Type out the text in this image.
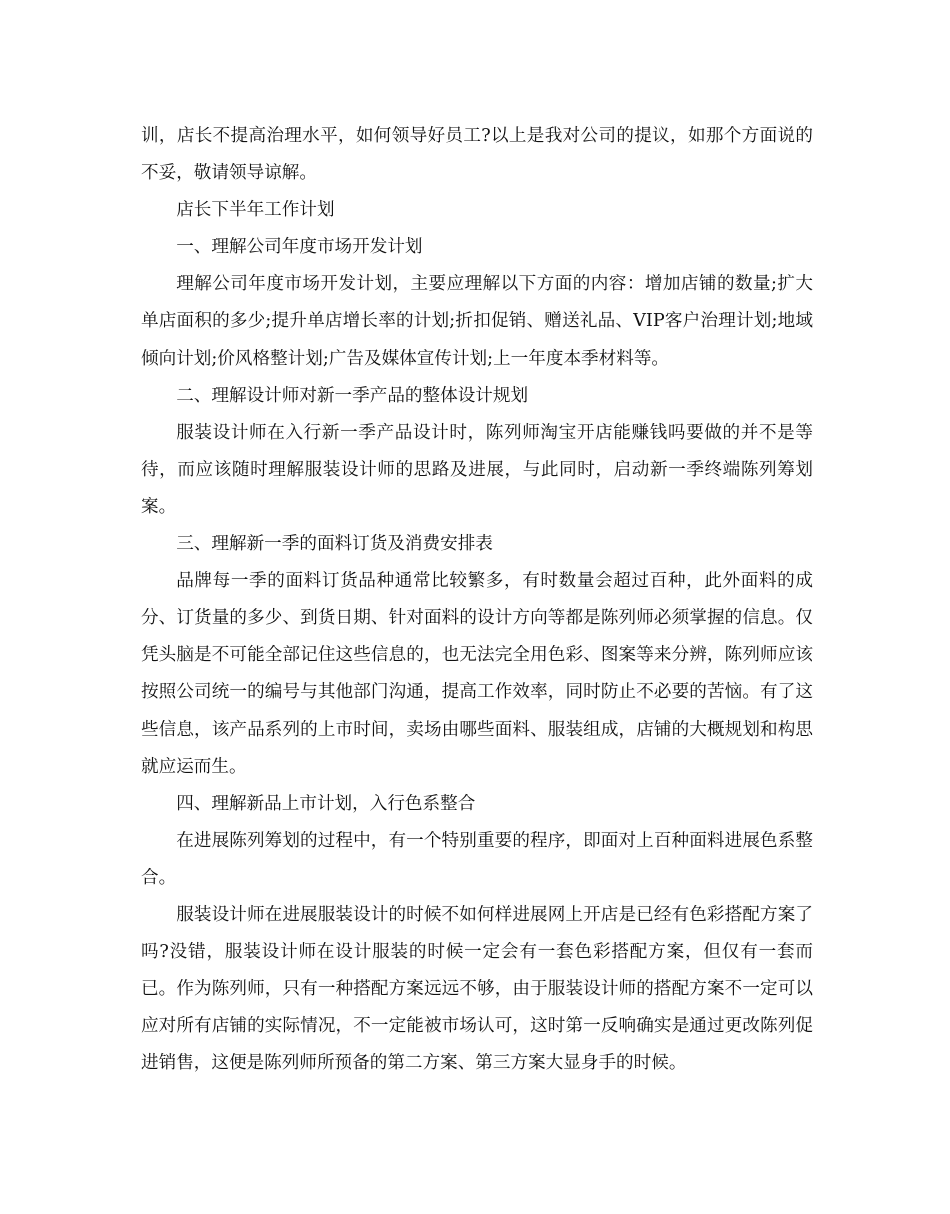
训，店长不提高治理水平，如何领导好员工?以上是我对公司的提议，如那个方面说的不妥，敬请领导谅解。

店长下半年工作计划

一、理解公司年度市场开发计划

理解公司年度市场开发计划，主要应理解以下方面的内容：增加店铺的数量;扩大单店面积的多少;提升单店增长率的计划;折扣促销、赠送礼品、VIP客户治理计划;地域倾向计划;价风格整计划;广告及媒体宣传计划;上一年度本季材料等。

二、理解设计师对新一季产品的整体设计规划

服装设计师在入行新一季产品设计时，陈列师淘宝开店能赚钱吗要做的并不是等待，而应该随时理解服装设计师的思路及进展，与此同时，启动新一季终端陈列筹划案。

三、理解新一季的面料订货及消费安排表

品牌每一季的面料订货品种通常比较繁多，有时数量会超过百种，此外面料的成分、订货量的多少、到货日期、针对面料的设计方向等都是陈列师必须掌握的信息。仅凭头脑是不可能全部记住这些信息的，也无法完全用色彩、图案等来分辨，陈列师应该按照公司统一的编号与其他部门沟通，提高工作效率，同时防止不必要的苦恼。有了这些信息，该产品系列的上市时间，卖场由哪些面料、服装组成，店铺的大概规划和构思就应运而生。

四、理解新品上市计划，入行色系整合

在进展陈列筹划的过程中，有一个特别重要的程序，即面对上百种面料进展色系整合。

服装设计师在进展服装设计的时候不如何样进展网上开店是已经有色彩搭配方案了吗?没错，服装设计师在设计服装的时候一定会有一套色彩搭配方案，但仅有一套而已。作为陈列师，只有一种搭配方案远远不够，由于服装设计师的搭配方案不一定可以应对所有店铺的实际情况，不一定能被市场认可，这时第一反响确实是通过更改陈列促进销售，这便是陈列师所预备的第二方案、第三方案大显身手的时候。
